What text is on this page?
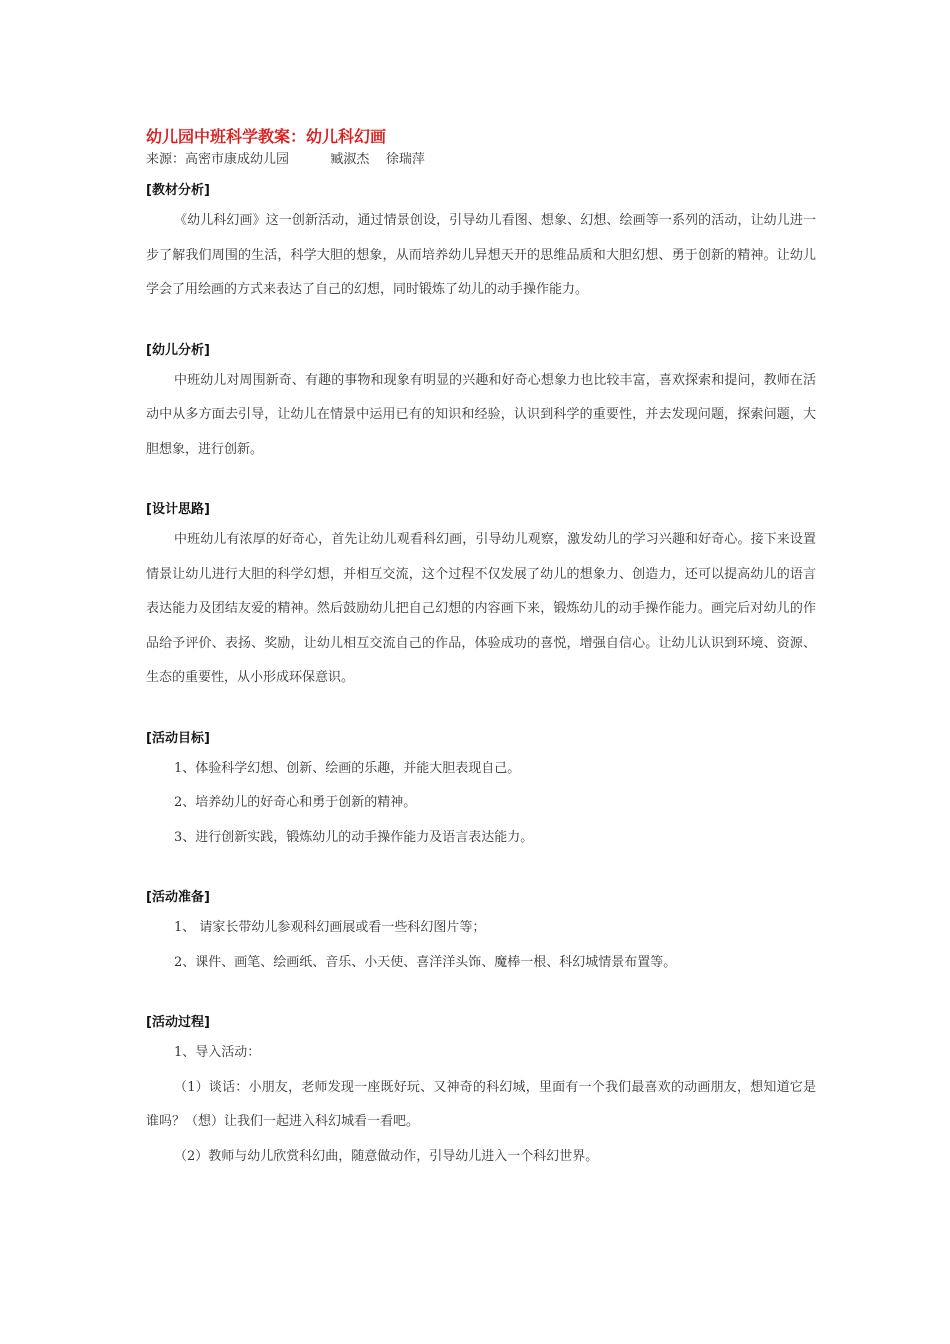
幼儿园中班科学教案：幼儿科幻画

来源：高密市康成幼儿园          臧淑杰    徐瑞萍

[教材分析]

《幼儿科幻画》这一创新活动，通过情景创设，引导幼儿看图、想象、幻想、绘画等一系列的活动，让幼儿进一步了解我们周围的生活，科学大胆的想象，从而培养幼儿异想天开的思维品质和大胆幻想、勇于创新的精神。让幼儿学会了用绘画的方式来表达了自己的幻想，同时锻炼了幼儿的动手操作能力。

[幼儿分析]

中班幼儿对周围新奇、有趣的事物和现象有明显的兴趣和好奇心想象力也比较丰富，喜欢探索和提问，教师在活动中从多方面去引导，让幼儿在情景中运用已有的知识和经验，认识到科学的重要性，并去发现问题，探索问题，大胆想象，进行创新。

[设计思路]

中班幼儿有浓厚的好奇心，首先让幼儿观看科幻画，引导幼儿观察，激发幼儿的学习兴趣和好奇心。接下来设置情景让幼儿进行大胆的科学幻想，并相互交流，这个过程不仅发展了幼儿的想象力、创造力，还可以提高幼儿的语言表达能力及团结友爱的精神。然后鼓励幼儿把自己幻想的内容画下来，锻炼幼儿的动手操作能力。画完后对幼儿的作品给予评价、表扬、奖励，让幼儿相互交流自己的作品，体验成功的喜悦，增强自信心。让幼儿认识到环境、资源、生态的重要性，从小形成环保意识。

[活动目标]

1、体验科学幻想、创新、绘画的乐趣，并能大胆表现自己。

2、培养幼儿的好奇心和勇于创新的精神。

3、进行创新实践，锻炼幼儿的动手操作能力及语言表达能力。

[活动准备]

1、 请家长带幼儿参观科幻画展或看一些科幻图片等；

2、课件、画笔、绘画纸、音乐、小天使、喜洋洋头饰、魔棒一根、科幻城情景布置等。

[活动过程]

1、导入活动：

（1）谈话：小朋友，老师发现一座既好玩、又神奇的科幻城，里面有一个我们最喜欢的动画朋友，想知道它是谁吗？（想）让我们一起进入科幻城看一看吧。

（2）教师与幼儿欣赏科幻曲，随意做动作，引导幼儿进入一个科幻世界。
